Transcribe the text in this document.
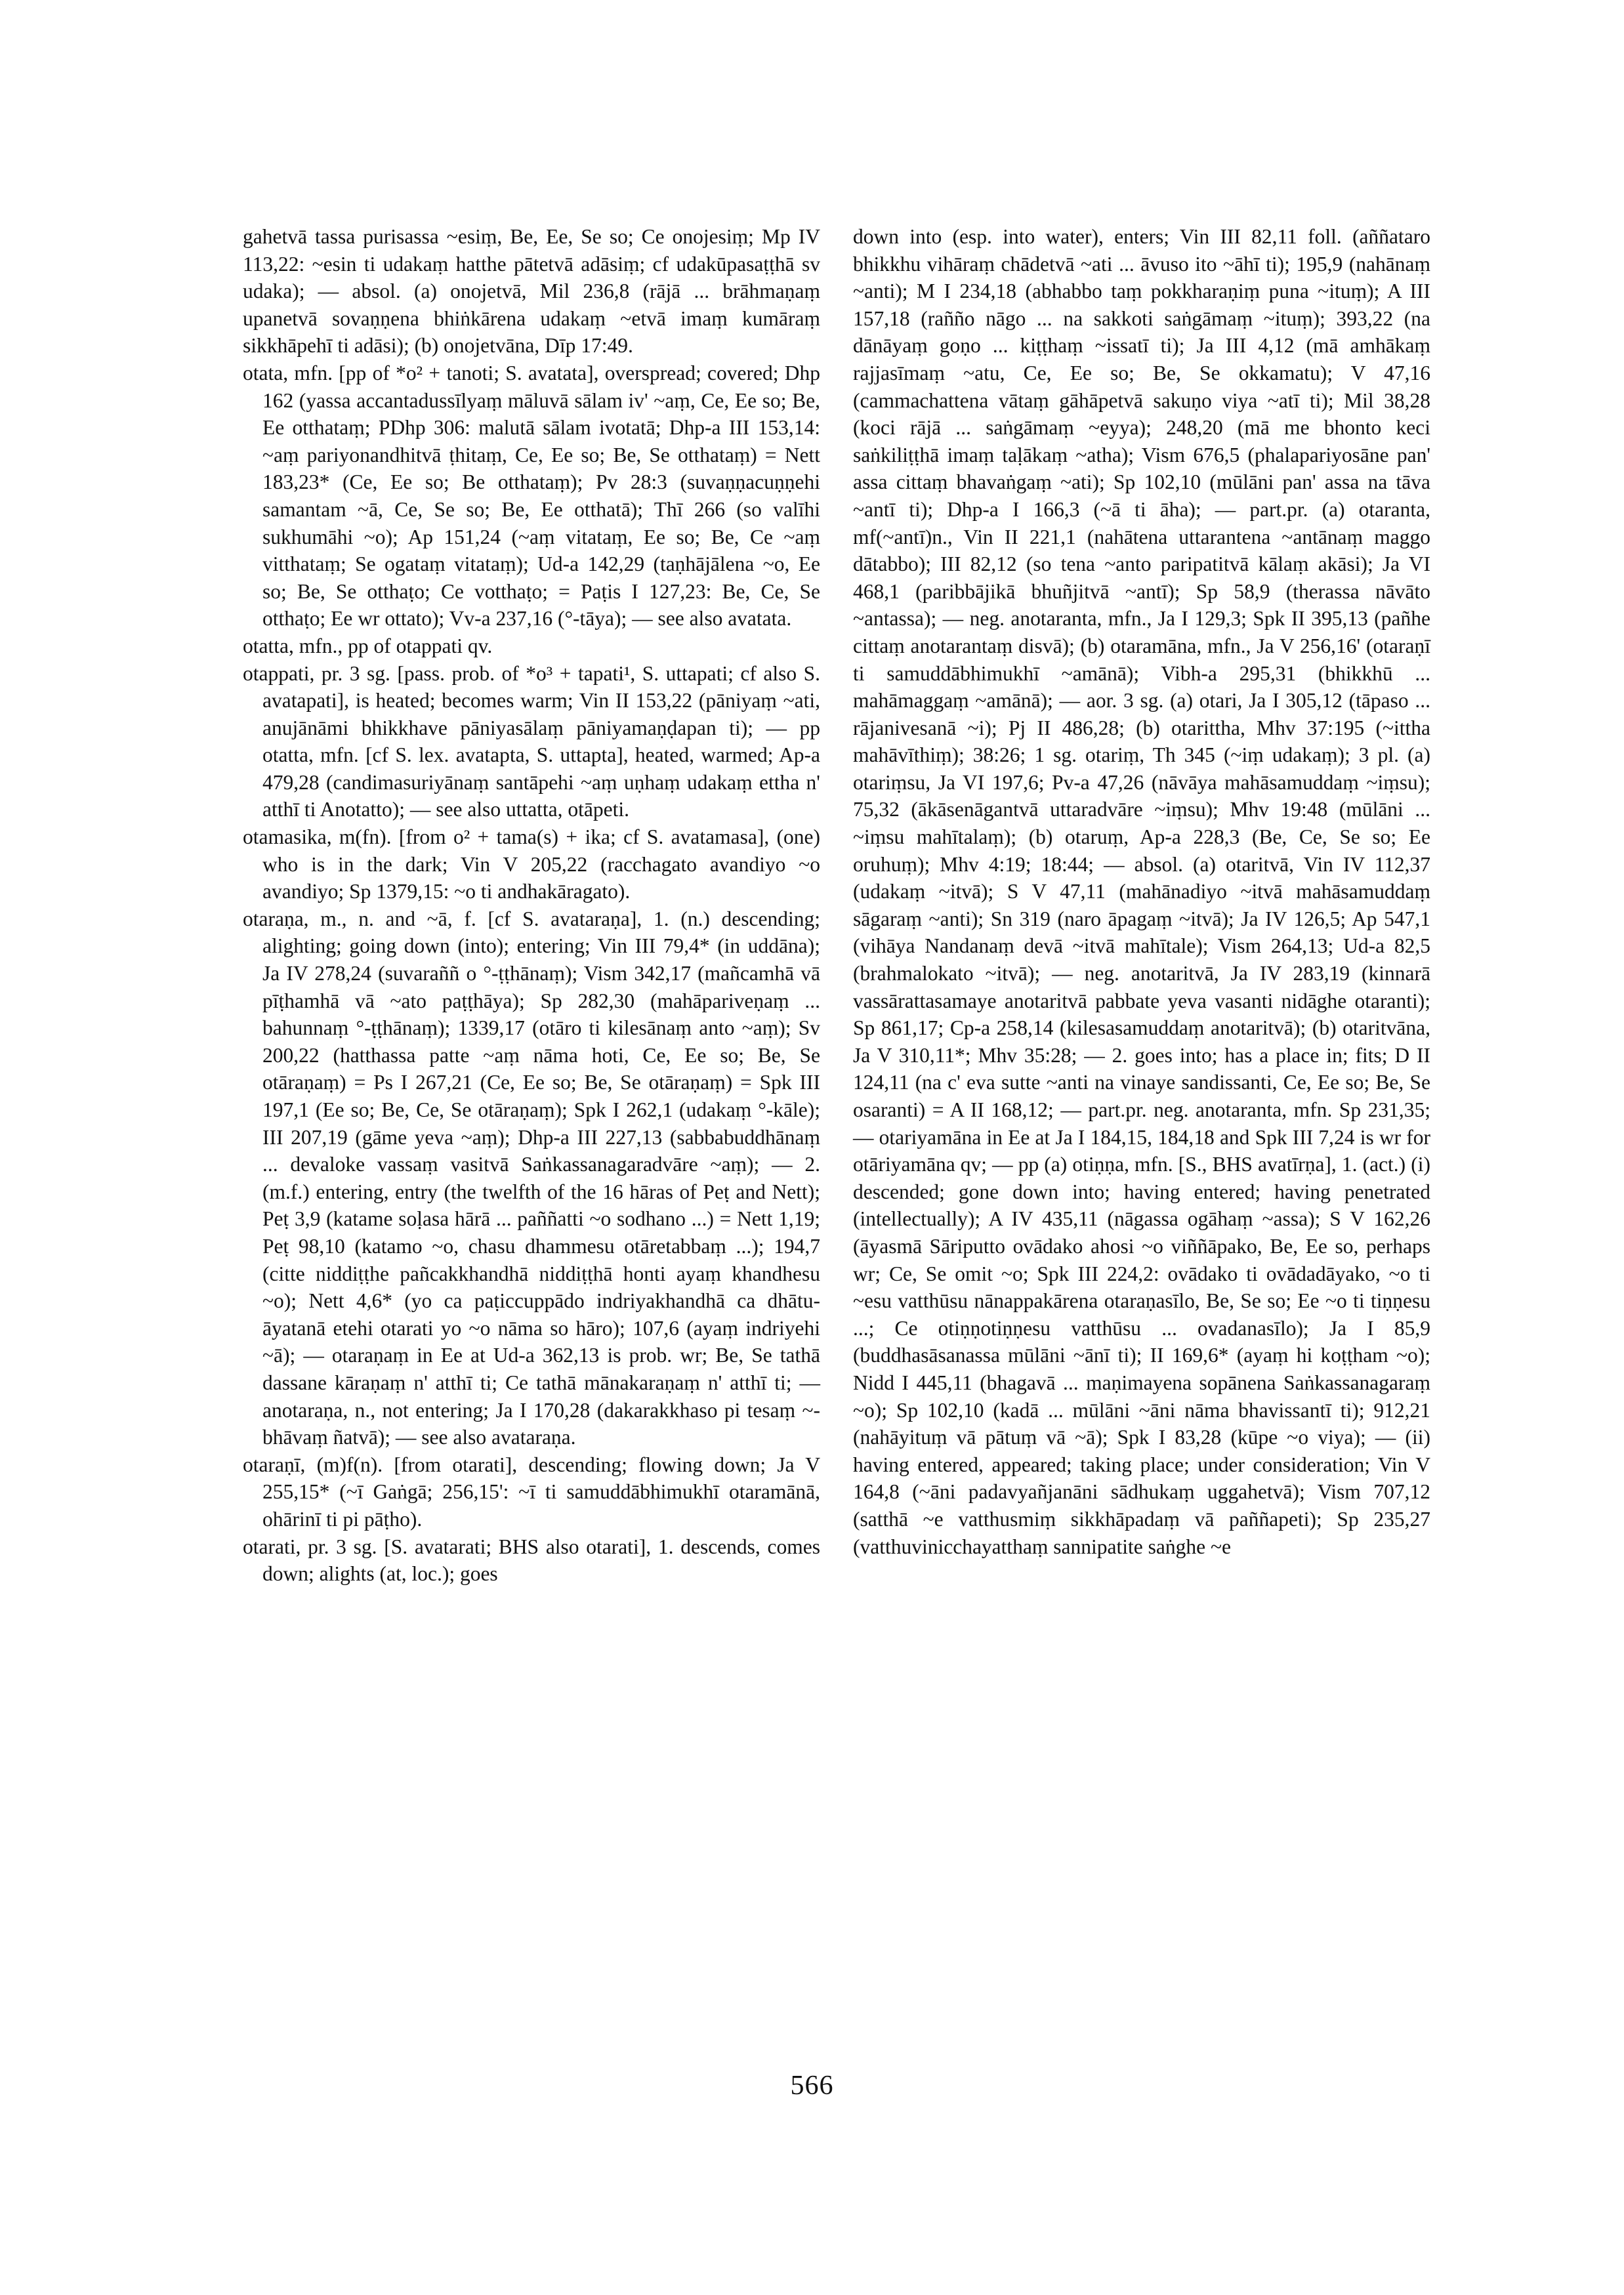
gahetvā tassa purisassa ~esiṃ, Be, Ee, Se so; Ce onojesiṃ; Mp IV 113,22: ~esin ti udakaṃ hatthe pātetvā adāsiṃ; cf udakūpasaṭṭhā sv udaka); — absol. (a) onojetvā, Mil 236,8 (rājā ... brāhmaṇaṃ upanetvā sovaṇṇena bhiṅkārena udakaṃ ~etvā imaṃ kumāraṃ sikkhāpehī ti adāsi); (b) onojetvāna, Dīp 17:49.

otata, mfn. [pp of *o² + tanoti; S. avatata], overspread; covered; Dhp 162 (yassa accantadussīlyaṃ māluvā sālam iv' ~aṃ, Ce, Ee so; Be, Ee otthataṃ; PDhp 306: malutā sālam ivotatā; Dhp-a III 153,14: ~aṃ pariyonandhitvā ṭhitaṃ, Ce, Ee so; Be, Se otthataṃ) = Nett 183,23* (Ce, Ee so; Be otthataṃ); Pv 28:3 (suvaṇṇacuṇṇehi samantam ~ā, Ce, Se so; Be, Ee otthatā); Thī 266 (so valīhi sukhumāhi ~o); Ap 151,24 (~aṃ vitataṃ, Ee so; Be, Ce ~aṃ vitthataṃ; Se ogataṃ vitataṃ); Ud-a 142,29 (taṇhājālena ~o, Ee so; Be, Se otthaṭo; Ce votthaṭo; = Paṭis I 127,23: Be, Ce, Se otthaṭo; Ee wr ottato); Vv-a 237,16 (°-tāya); — see also avatata.

otatta, mfn., pp of otappati qv.

otappati, pr. 3 sg. [pass. prob. of *o³ + tapati¹, S. uttapati; cf also S. avatapati], is heated; becomes warm; Vin II 153,22 (pāniyaṃ ~ati, anujānāmi bhikkhave pāniyasālaṃ pāniyamaṇḍapan ti); — pp otatta, mfn. [cf S. lex. avatapta, S. uttapta], heated, warmed; Ap-a 479,28 (candimasuriyānaṃ santāpehi ~aṃ uṇhaṃ udakaṃ ettha n' atthī ti Anotatto); — see also uttatta, otāpeti.

otamasika, m(fn). [from o² + tama(s) + ika; cf S. avatamasa], (one) who is in the dark; Vin V 205,22 (racchagato avandiyo ~o avandiyo; Sp 1379,15: ~o ti andhakāragato).

otaraṇa, m., n. and ~ā, f. [cf S. avataraṇa], 1. (n.) descending; alighting; going down (into); entering; Vin III 79,4* (in uddāna); Ja IV 278,24 (suvaraññ o °-ṭṭhānaṃ); Vism 342,17 (mañcamhā vā pīṭhamhā vā ~ato paṭṭhāya); Sp 282,30 (mahāpariveṇaṃ ... bahunnaṃ °-ṭṭhānaṃ); 1339,17 (otāro ti kilesānaṃ anto ~aṃ); Sv 200,22 (hatthassa patte ~aṃ nāma hoti, Ce, Ee so; Be, Se otāraṇaṃ) = Ps I 267,21 (Ce, Ee so; Be, Se otāraṇaṃ) = Spk III 197,1 (Ee so; Be, Ce, Se otāraṇaṃ); Spk I 262,1 (udakaṃ °-kāle); III 207,19 (gāme yeva ~aṃ); Dhp-a III 227,13 (sabbabuddhānaṃ ... devaloke vassaṃ vasitvā Saṅkassanagaradvāre ~aṃ); — 2. (m.f.) entering, entry (the twelfth of the 16 hāras of Peṭ and Nett); Peṭ 3,9 (katame soḷasa hārā ... paññatti ~o sodhano ...) = Nett 1,19; Peṭ 98,10 (katamo ~o, chasu dhammesu otāretabbaṃ ...); 194,7 (citte niddiṭṭhe pañcakkhandhā niddiṭṭhā honti ayaṃ khandhesu ~o); Nett 4,6* (yo ca paṭiccuppādo indriyakhandhā ca dhātu-āyatanā etehi otarati yo ~o nāma so hāro); 107,6 (ayaṃ indriyehi ~ā); — otaraṇaṃ in Ee at Ud-a 362,13 is prob. wr; Be, Se tathā dassane kāraṇaṃ n' atthī ti; Ce tathā mānakaraṇaṃ n' atthī ti; — anotaraṇa, n., not entering; Ja I 170,28 (dakarakkhaso pi tesaṃ ~-bhāvaṃ ñatvā); — see also avataraṇa.

otaraṇī, (m)f(n). [from otarati], descending; flowing down; Ja V 255,15* (~ī Gaṅgā; 256,15': ~ī ti samuddābhimukhī otaramānā, ohārinī ti pi pāṭho).

otarati, pr. 3 sg. [S. avatarati; BHS also otarati], 1. descends, comes down; alights (at, loc.); goes

down into (esp. into water), enters; Vin III 82,11 foll. (aññataro bhikkhu vihāraṃ chādetvā ~ati ... āvuso ito ~āhī ti); 195,9 (nahānaṃ ~anti); M I 234,18 (abhabbo taṃ pokkharaṇiṃ puna ~ituṃ); A III 157,18 (rañño nāgo ... na sakkoti saṅgāmaṃ ~ituṃ); 393,22 (na dānāyaṃ goṇo ... kiṭṭhaṃ ~issatī ti); Ja III 4,12 (mā amhākaṃ rajjasīmaṃ ~atu, Ce, Ee so; Be, Se okkamatu); V 47,16 (cammachattena vātaṃ gāhāpetvā sakuṇo viya ~atī ti); Mil 38,28 (koci rājā ... saṅgāmaṃ ~eyya); 248,20 (mā me bhonto keci saṅkiliṭṭhā imaṃ taḷākaṃ ~atha); Vism 676,5 (phalapariyosāne pan' assa cittaṃ bhavaṅgaṃ ~ati); Sp 102,10 (mūlāni pan' assa na tāva ~antī ti); Dhp-a I 166,3 (~ā ti āha); — part.pr. (a) otaranta, mf(~antī)n., Vin II 221,1 (nahātena uttarantena ~antānaṃ maggo dātabbo); III 82,12 (so tena ~anto paripatitvā kālaṃ akāsi); Ja VI 468,1 (paribbājikā bhuñjitvā ~antī); Sp 58,9 (therassa nāvāto ~antassa); — neg. anotaranta, mfn., Ja I 129,3; Spk II 395,13 (pañhe cittaṃ anotarantaṃ disvā); (b) otaramāna, mfn., Ja V 256,16' (otaraṇī ti samuddābhimukhī ~amānā); Vibh-a 295,31 (bhikkhū ... mahāmaggaṃ ~amānā); — aor. 3 sg. (a) otari, Ja I 305,12 (tāpaso ... rājanivesanā ~i); Pj II 486,28; (b) otarittha, Mhv 37:195 (~ittha mahāvīthiṃ); 38:26; 1 sg. otariṃ, Th 345 (~iṃ udakaṃ); 3 pl. (a) otariṃsu, Ja VI 197,6; Pv-a 47,26 (nāvāya mahāsamuddaṃ ~iṃsu); 75,32 (ākāsenāgantvā uttaradvāre ~iṃsu); Mhv 19:48 (mūlāni ... ~iṃsu mahītalaṃ); (b) otaruṃ, Ap-a 228,3 (Be, Ce, Se so; Ee oruhuṃ); Mhv 4:19; 18:44; — absol. (a) otaritvā, Vin IV 112,37 (udakaṃ ~itvā); S V 47,11 (mahānadiyo ~itvā mahāsamuddaṃ sāgaraṃ ~anti); Sn 319 (naro āpagaṃ ~itvā); Ja IV 126,5; Ap 547,1 (vihāya Nandanaṃ devā ~itvā mahītale); Vism 264,13; Ud-a 82,5 (brahmalokato ~itvā); — neg. anotaritvā, Ja IV 283,19 (kinnarā vassārattasamaye anotaritvā pabbate yeva vasanti nidāghe otaranti); Sp 861,17; Cp-a 258,14 (kilesasamuddaṃ anotaritvā); (b) otaritvāna, Ja V 310,11*; Mhv 35:28; — 2. goes into; has a place in; fits; D II 124,11 (na c' eva sutte ~anti na vinaye sandissanti, Ce, Ee so; Be, Se osaranti) = A II 168,12; — part.pr. neg. anotaranta, mfn. Sp 231,35; — otariyamāna in Ee at Ja I 184,15, 184,18 and Spk III 7,24 is wr for otāriyamāna qv; — pp (a) otiṇṇa, mfn. [S., BHS avatīrṇa], 1. (act.) (i) descended; gone down into; having entered; having penetrated (intellectually); A IV 435,11 (nāgassa ogāhaṃ ~assa); S V 162,26 (āyasmā Sāriputto ovādako ahosi ~o viññāpako, Be, Ee so, perhaps wr; Ce, Se omit ~o; Spk III 224,2: ovādako ti ovādadāyako, ~o ti ~esu vatthūsu nānappakārena otaraṇasīlo, Be, Se so; Ee ~o ti tiṇṇesu ...; Ce otiṇṇotiṇṇesu vatthūsu ... ovadanasīlo); Ja I 85,9 (buddhasāsanassa mūlāni ~ānī ti); II 169,6* (ayaṃ hi koṭṭham ~o); Nidd I 445,11 (bhagavā ... maṇimayena sopānena Saṅkassanagaraṃ ~o); Sp 102,10 (kadā ... mūlāni ~āni nāma bhavissantī ti); 912,21 (nahāyituṃ vā pātuṃ vā ~ā); Spk I 83,28 (kūpe ~o viya); — (ii) having entered, appeared; taking place; under consideration; Vin V 164,8 (~āni padavyañjanāni sādhukaṃ uggahetvā); Vism 707,12 (satthā ~e vatthusmiṃ sikkhāpadaṃ vā paññapeti); Sp 235,27 (vatthuvinicchayatthaṃ sannipatite saṅghe ~e

566
